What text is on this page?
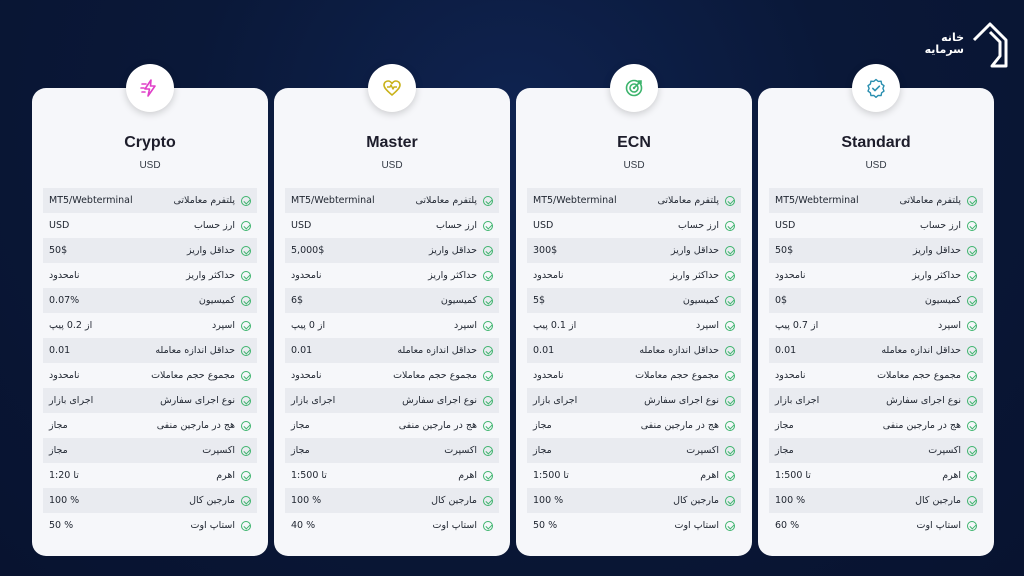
خانه
سرمایه
Crypto
USD
MT5/Webterminal	پلتفرم معاملاتی
USD	ارز حساب
50$	حداقل واریز
نامحدود	حداکثر واریز
0.07%	کمیسیون
از 0.2 پیپ	اسپرد
0.01	حداقل اندازه معامله
نامحدود	مجموع حجم معاملات
اجرای بازار	نوع اجرای سفارش
مجاز	هج در مارجین منفی
مجاز	اکسپرت
تا 1:20	اهرم
100 %	مارجین کال
50 %	استاپ اوت
Master
USD
MT5/Webterminal	پلتفرم معاملاتی
USD	ارز حساب
5,000$	حداقل واریز
نامحدود	حداکثر واریز
6$	کمیسیون
از 0 پیپ	اسپرد
0.01	حداقل اندازه معامله
نامحدود	مجموع حجم معاملات
اجرای بازار	نوع اجرای سفارش
مجاز	هج در مارجین منفی
مجاز	اکسپرت
تا 1:500	اهرم
100 %	مارجین کال
40 %	استاپ اوت
ECN
USD
MT5/Webterminal	پلتفرم معاملاتی
USD	ارز حساب
300$	حداقل واریز
نامحدود	حداکثر واریز
5$	کمیسیون
از 0.1 پیپ	اسپرد
0.01	حداقل اندازه معامله
نامحدود	مجموع حجم معاملات
اجرای بازار	نوع اجرای سفارش
مجاز	هج در مارجین منفی
مجاز	اکسپرت
تا 1:500	اهرم
100 %	مارجین کال
50 %	استاپ اوت
Standard
USD
MT5/Webterminal	پلتفرم معاملاتی
USD	ارز حساب
50$	حداقل واریز
نامحدود	حداکثر واریز
0$	کمیسیون
از 0.7 پیپ	اسپرد
0.01	حداقل اندازه معامله
نامحدود	مجموع حجم معاملات
اجرای بازار	نوع اجرای سفارش
مجاز	هج در مارجین منفی
مجاز	اکسپرت
تا 1:500	اهرم
100 %	مارجین کال
60 %	استاپ اوت
